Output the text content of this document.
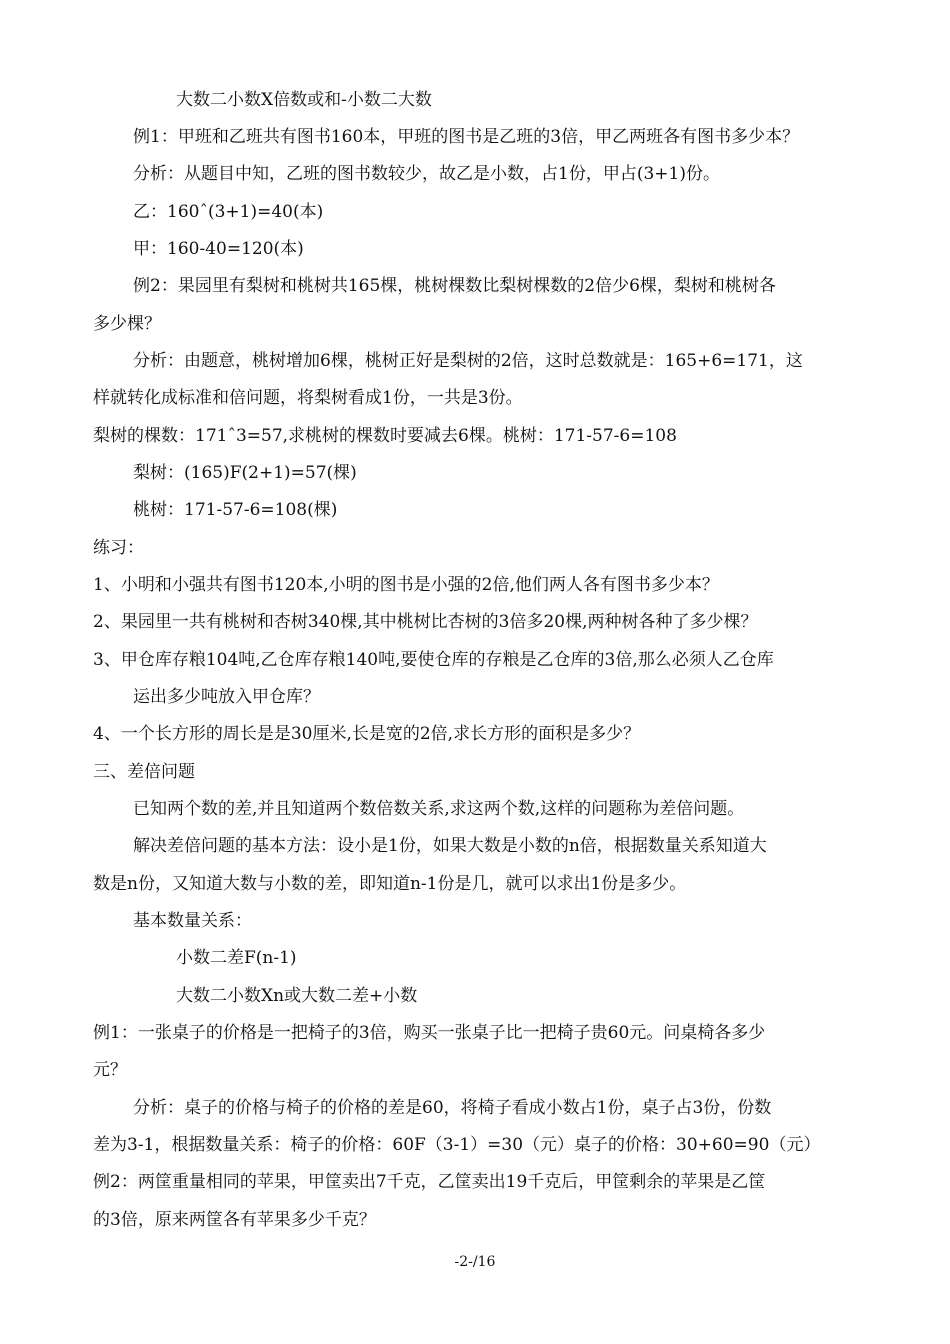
大数二小数X倍数或和-小数二大数
例1：甲班和乙班共有图书160本，甲班的图书是乙班的3倍，甲乙两班各有图书多少本？
分析：从题目中知，乙班的图书数较少，故乙是小数，占1份，甲占(3+1)份。
乙：160ˆ(3+1)=40(本)
甲：160-40=120(本)
例2：果园里有梨树和桃树共165棵，桃树棵数比梨树棵数的2倍少6棵，梨树和桃树各
多少棵？
分析：由题意，桃树增加6棵，桃树正好是梨树的2倍，这时总数就是：165+6=171，这
样就转化成标准和倍问题，将梨树看成1份，一共是3份。
梨树的棵数：171ˆ3=57,求桃树的棵数时要减去6棵。桃树：171-57-6=108
梨树：(165)F(2+1)=57(棵)
桃树：171-57-6=108(棵)
练习：
1、小明和小强共有图书120本,小明的图书是小强的2倍,他们两人各有图书多少本？
2、果园里一共有桃树和杏树340棵,其中桃树比杏树的3倍多20棵,两种树各种了多少棵？
3、甲仓库存粮104吨,乙仓库存粮140吨,要使仓库的存粮是乙仓库的3倍,那么必须人乙仓库
运出多少吨放入甲仓库？
4、一个长方形的周长是是30厘米,长是宽的2倍,求长方形的面积是多少？
三、差倍问题
已知两个数的差,并且知道两个数倍数关系,求这两个数,这样的问题称为差倍问题。
解决差倍问题的基本方法：设小是1份，如果大数是小数的n倍，根据数量关系知道大
数是n份，又知道大数与小数的差，即知道n-1份是几，就可以求出1份是多少。
基本数量关系：
小数二差F(n-1)
大数二小数Xn或大数二差+小数
例1：一张桌子的价格是一把椅子的3倍，购买一张桌子比一把椅子贵60元。问桌椅各多少
元？
分析：桌子的价格与椅子的价格的差是60，将椅子看成小数占1份，桌子占3份，份数
差为3-1，根据数量关系：椅子的价格：60F（3-1）=30（元）桌子的价格：30+60=90（元）
例2：两筐重量相同的苹果，甲筐卖出7千克，乙筐卖出19千克后，甲筐剩余的苹果是乙筐
的3倍，原来两筐各有苹果多少千克？
-2-/16
